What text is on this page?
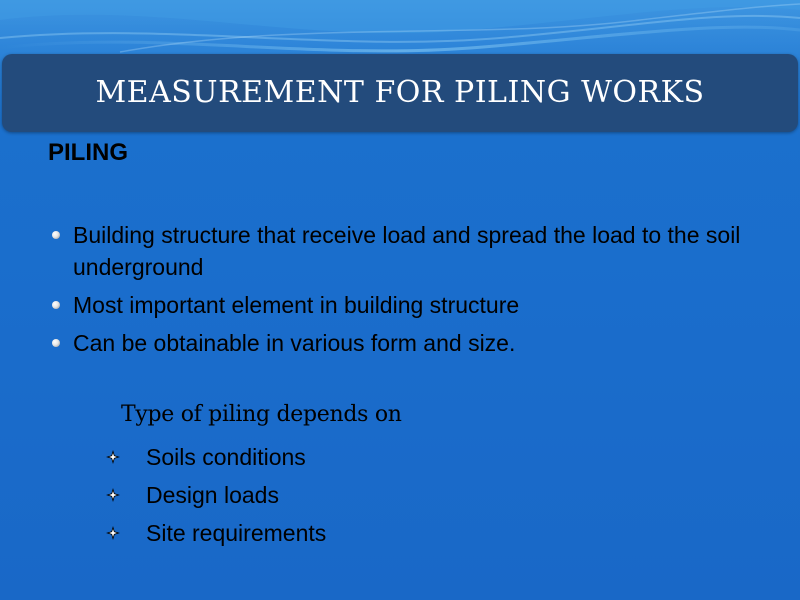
MEASUREMENT FOR PILING WORKS
PILING
Building structure that receive load and spread the load to the soil underground
Most important element in building structure
Can be obtainable in various form and size.
Type of piling depends on
Soils conditions
Design loads
Site requirements
